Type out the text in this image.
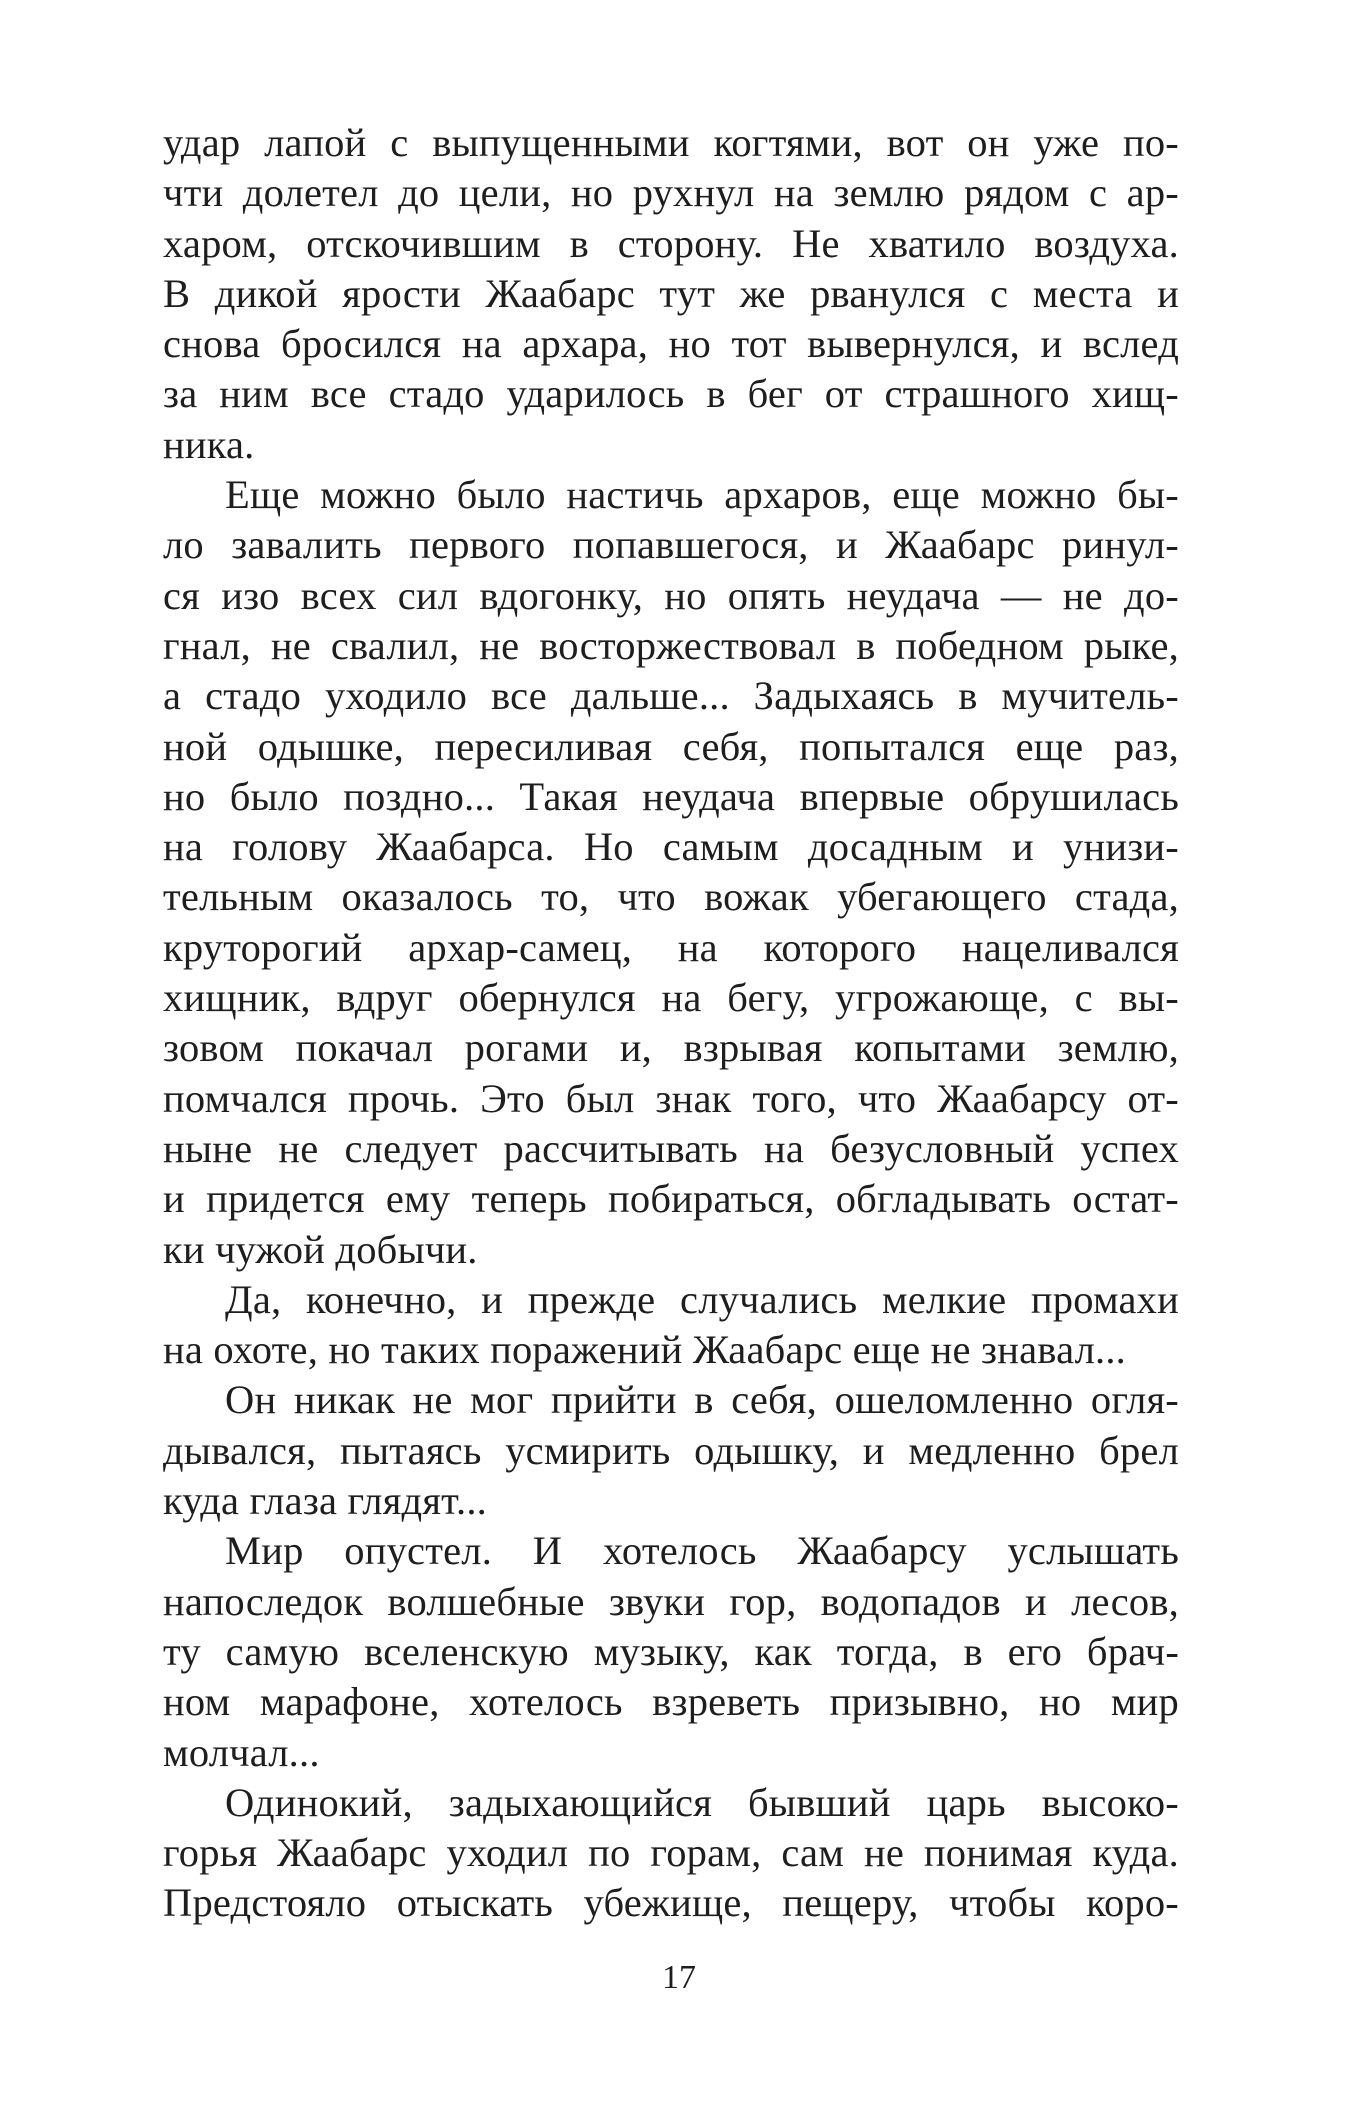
удар лапой с выпущенными когтями, вот он уже по-
чти долетел до цели, но рухнул на землю рядом с ар-
харом, отскочившим в сторону. Не хватило воздуха.
В дикой ярости Жаабарс тут же рванулся с места и
снова бросился на архара, но тот вывернулся, и вслед
за ним все стадо ударилось в бег от страшного хищ-
ника.
Еще можно было настичь архаров, еще можно бы-
ло завалить первого попавшегося, и Жаабарс ринул-
ся изо всех сил вдогонку, но опять неудача — не до-
гнал, не свалил, не восторжествовал в победном рыке,
а стадо уходило все дальше... Задыхаясь в мучитель-
ной одышке, пересиливая себя, попытался еще раз,
но было поздно... Такая неудача впервые обрушилась
на голову Жаабарса. Но самым досадным и унизи-
тельным оказалось то, что вожак убегающего стада,
круторогий архар-самец, на которого нацеливался
хищник, вдруг обернулся на бегу, угрожающе, с вы-
зовом покачал рогами и, взрывая копытами землю,
помчался прочь. Это был знак того, что Жаабарсу от-
ныне не следует рассчитывать на безусловный успех
и придется ему теперь побираться, обгладывать остат-
ки чужой добычи.
Да, конечно, и прежде случались мелкие промахи
на охоте, но таких поражений Жаабарс еще не знавал...
Он никак не мог прийти в себя, ошеломленно огля-
дывался, пытаясь усмирить одышку, и медленно брел
куда глаза глядят...
Мир опустел. И хотелось Жаабарсу услышать
напоследок волшебные звуки гор, водопадов и лесов,
ту самую вселенскую музыку, как тогда, в его брач-
ном марафоне, хотелось взреветь призывно, но мир
молчал...
Одинокий, задыхающийся бывший царь высоко-
горья Жаабарс уходил по горам, сам не понимая куда.
Предстояло отыскать убежище, пещеру, чтобы коро-
17
